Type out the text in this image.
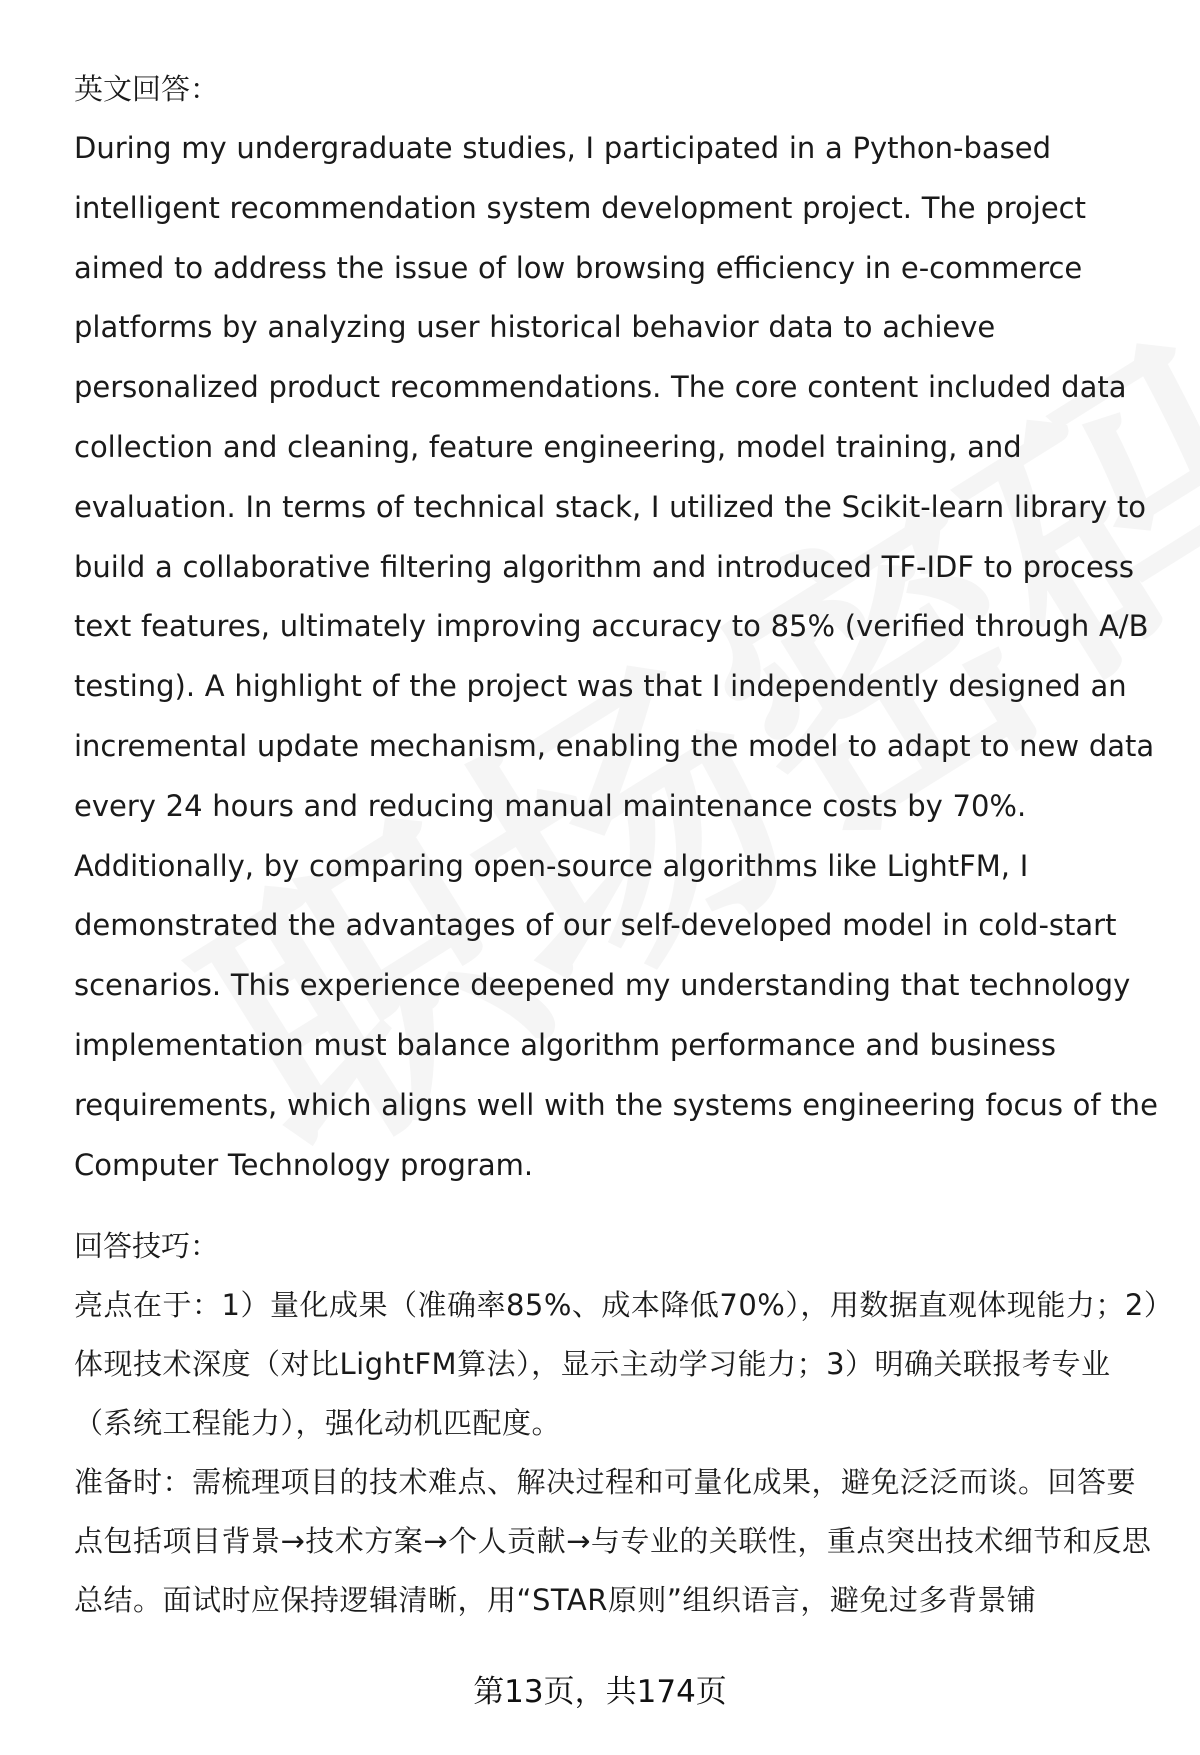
英文回答：

During my undergraduate studies, I participated in a Python-based intelligent recommendation system development project. The project aimed to address the issue of low browsing efficiency in e-commerce platforms by analyzing user historical behavior data to achieve personalized product recommendations. The core content included data collection and cleaning, feature engineering, model training, and evaluation. In terms of technical stack, I utilized the Scikit-learn library to build a collaborative filtering algorithm and introduced TF-IDF to process text features, ultimately improving accuracy to 85% (verified through A/B testing). A highlight of the project was that I independently designed an incremental update mechanism, enabling the model to adapt to new data every 24 hours and reducing manual maintenance costs by 70%. Additionally, by comparing open-source algorithms like LightFM, I demonstrated the advantages of our self-developed model in cold-start scenarios. This experience deepened my understanding that technology implementation must balance algorithm performance and business requirements, which aligns well with the systems engineering focus of the Computer Technology program.

回答技巧：

亮点在于：1）量化成果（准确率85%、成本降低70%），用数据直观体现能力；2）体现技术深度（对比LightFM算法），显示主动学习能力；3）明确关联报考专业（系统工程能力），强化动机匹配度。

准备时：需梳理项目的技术难点、解决过程和可量化成果，避免泛泛而谈。回答要点包括项目背景→技术方案→个人贡献→与专业的关联性，重点突出技术细节和反思总结。面试时应保持逻辑清晰，用“STAR原则”组织语言，避免过多背景铺

第13页，共174页
